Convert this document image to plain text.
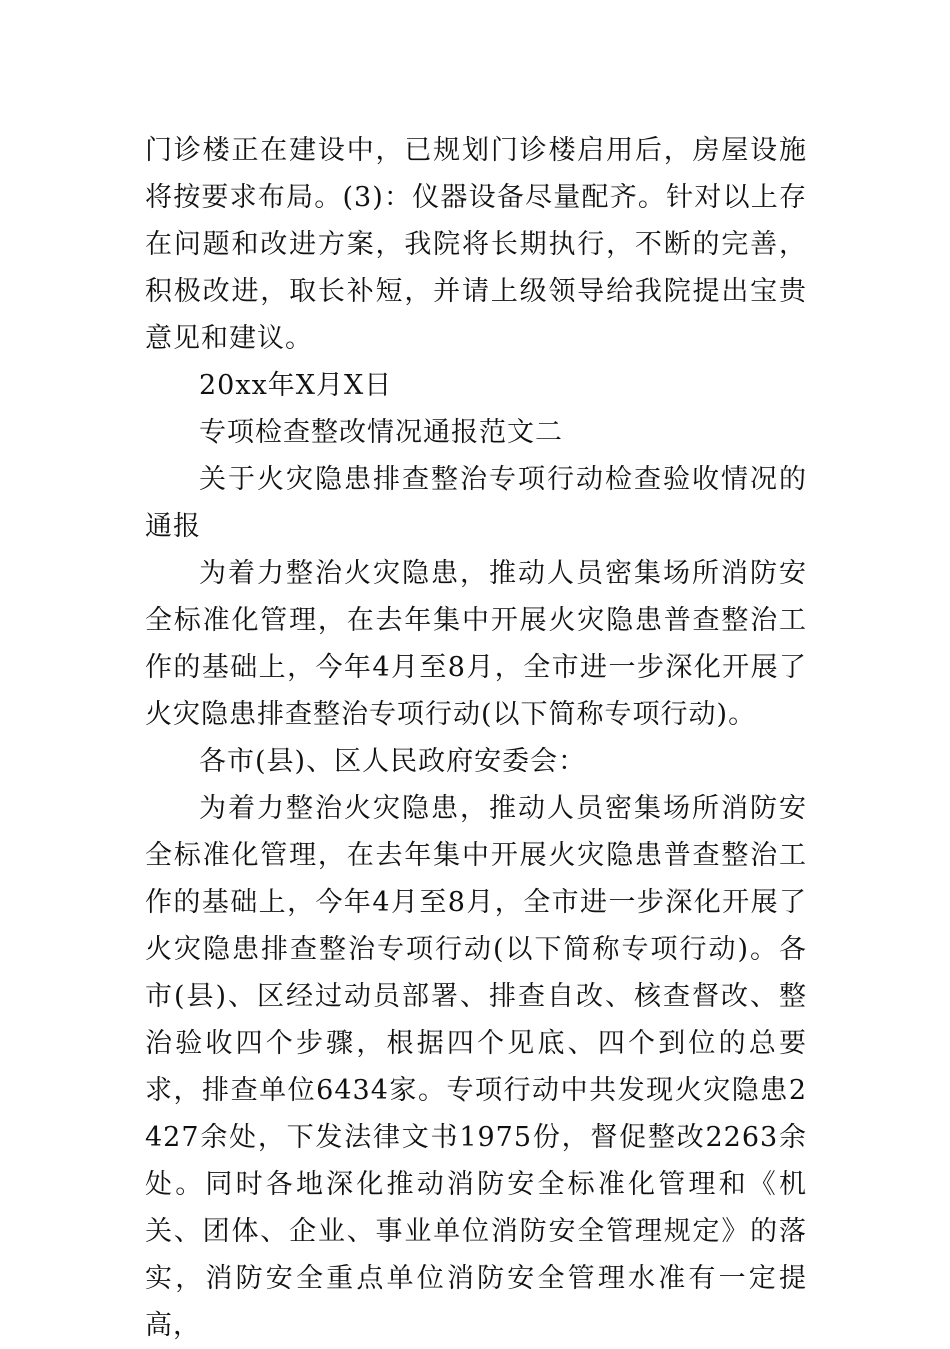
门诊楼正在建设中，已规划门诊楼启用后，房屋设施将按要求布局。(3)：仪器设备尽量配齐。针对以上存在问题和改进方案，我院将长期执行，不断的完善，积极改进，取长补短，并请上级领导给我院提出宝贵意见和建议。

20xx年X月X日

专项检查整改情况通报范文二

关于火灾隐患排查整治专项行动检查验收情况的通报

为着力整治火灾隐患，推动人员密集场所消防安全标准化管理，在去年集中开展火灾隐患普查整治工作的基础上，今年4月至8月，全市进一步深化开展了火灾隐患排查整治专项行动(以下简称专项行动)。

各市(县)、区人民政府安委会：

为着力整治火灾隐患，推动人员密集场所消防安全标准化管理，在去年集中开展火灾隐患普查整治工作的基础上，今年4月至8月，全市进一步深化开展了火灾隐患排查整治专项行动(以下简称专项行动)。各市(县)、区经过动员部署、排查自改、核查督改、整治验收四个步骤，根据四个见底、四个到位的总要求，排查单位6434家。专项行动中共发现火灾隐患2427余处，下发法律文书1975份，督促整改2263余处。同时各地深化推动消防安全标准化管理和《机关、团体、企业、事业单位消防安全管理规定》的落实，消防安全重点单位消防安全管理水准有一定提高，
